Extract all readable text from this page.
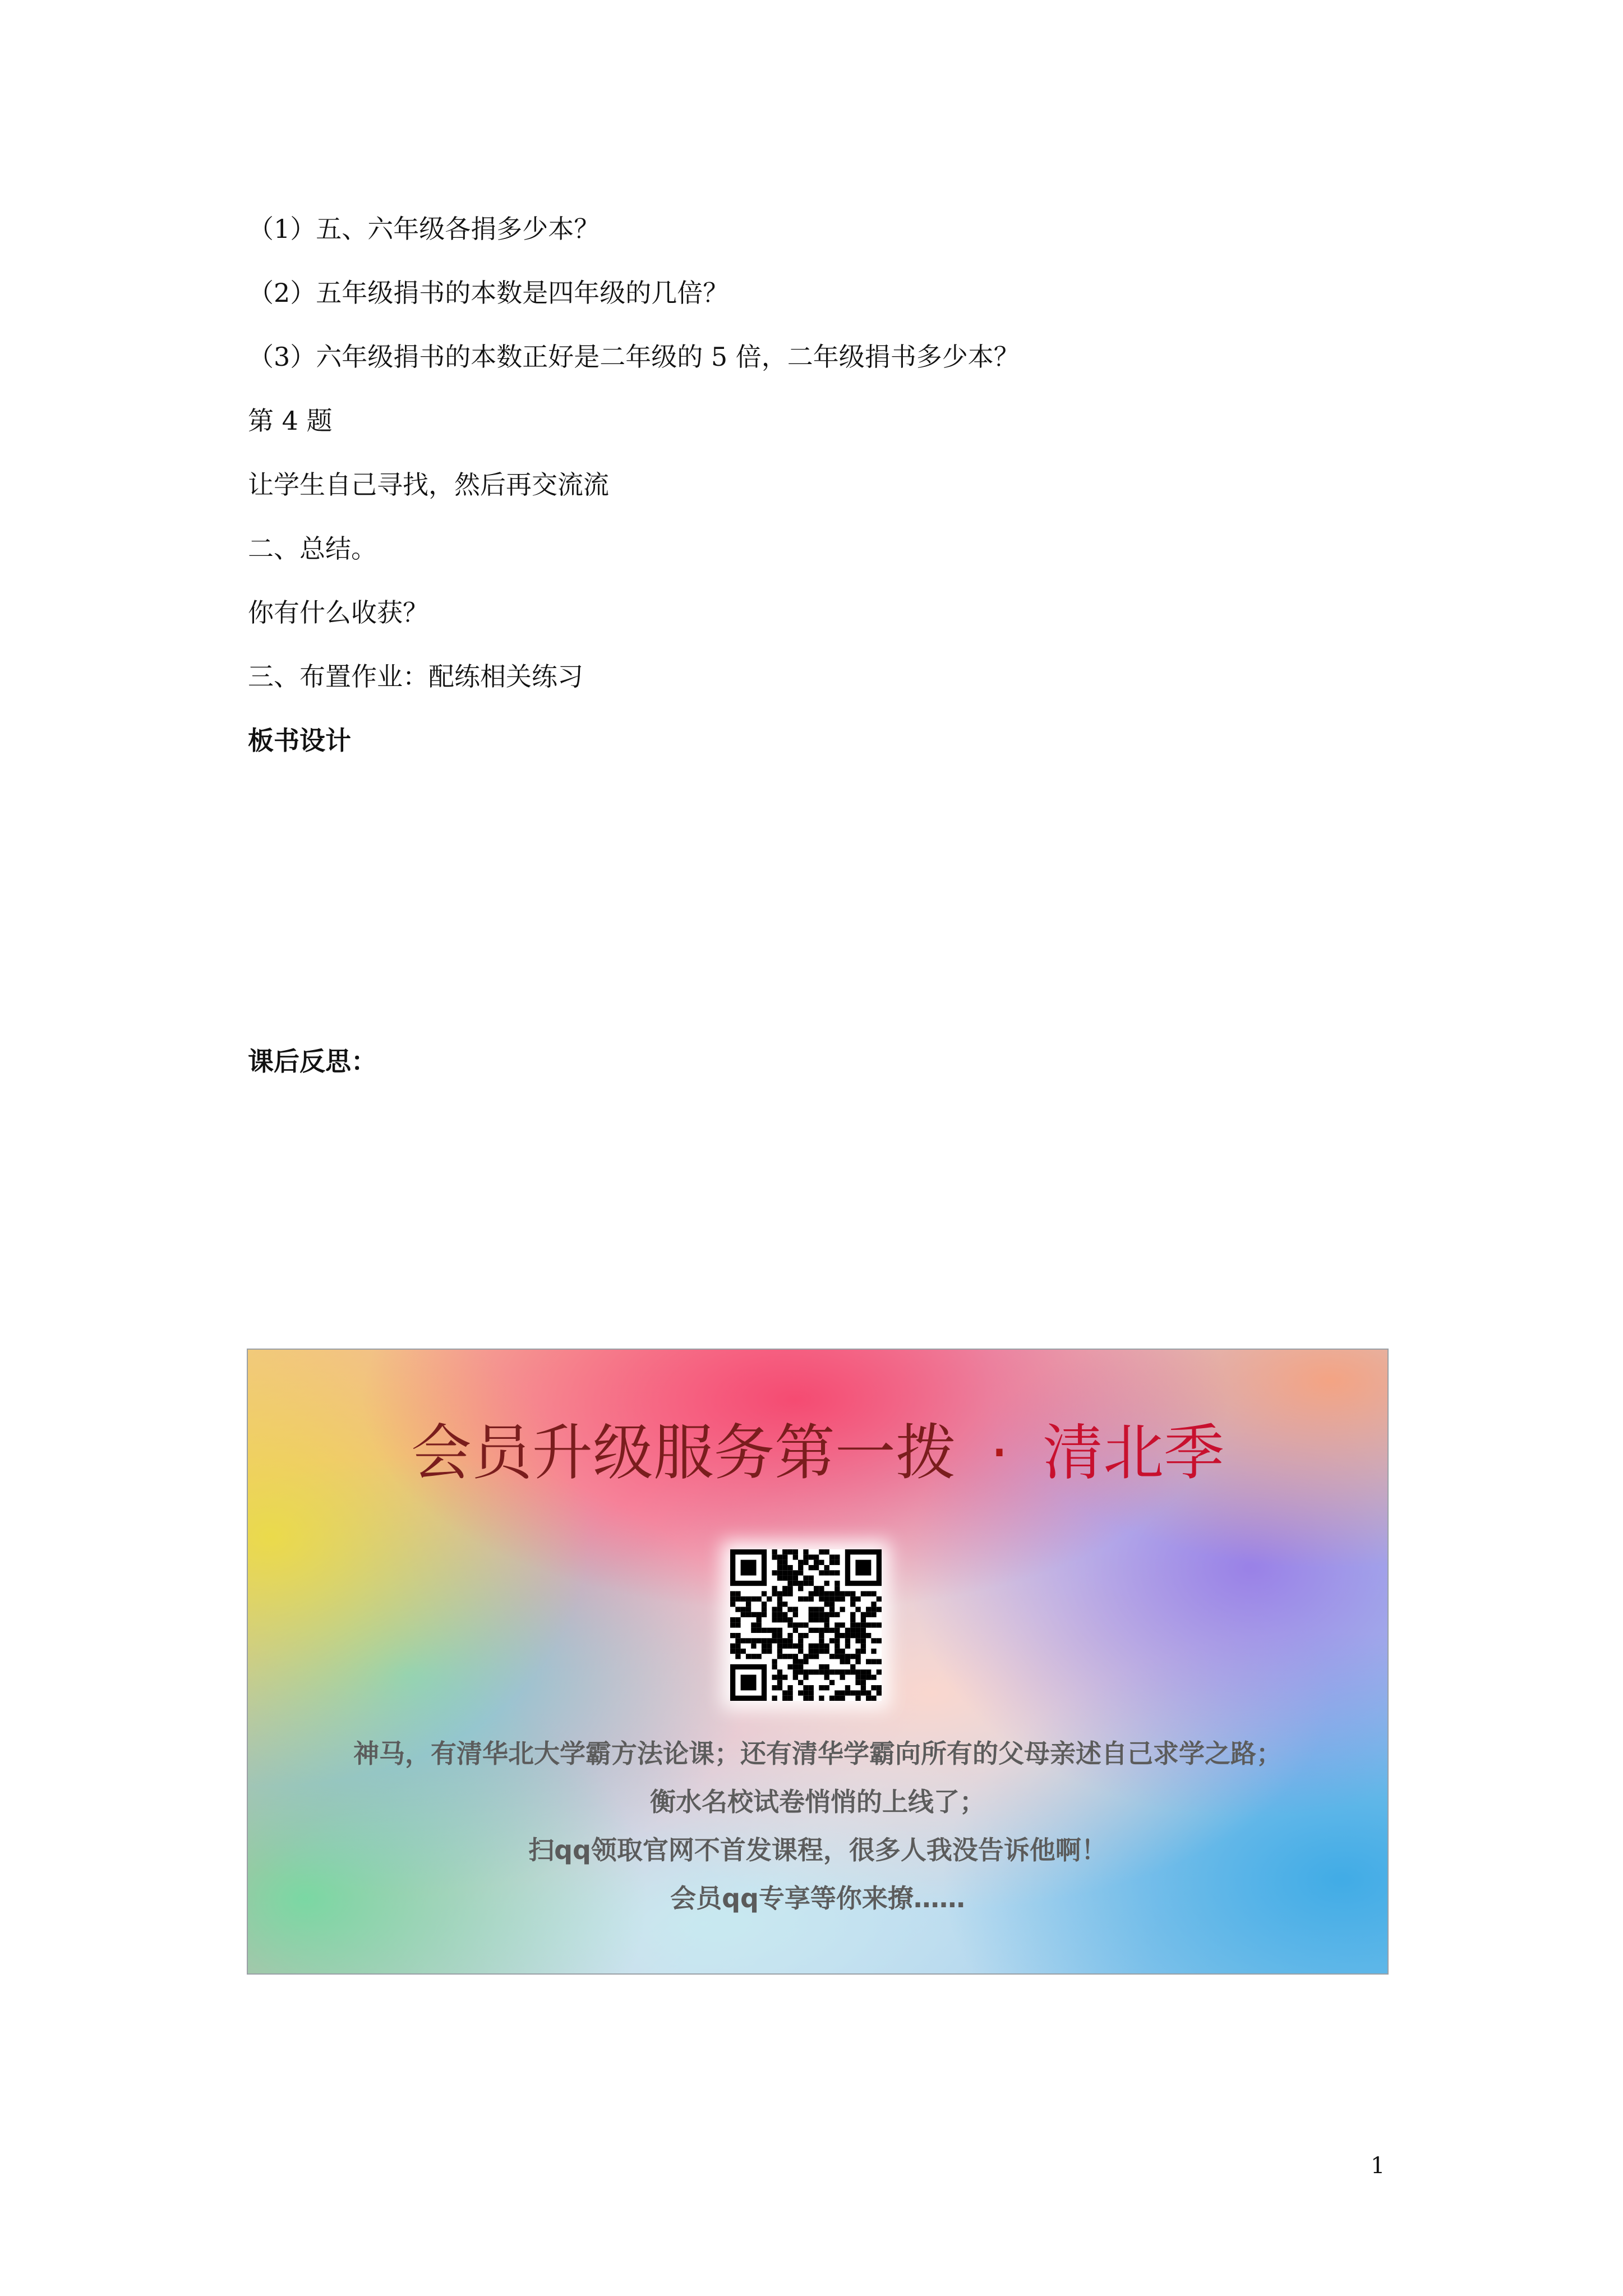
（1）五、六年级各捐多少本？
（2）五年级捐书的本数是四年级的几倍？
（3）六年级捐书的本数正好是二年级的 5 倍，二年级捐书多少本？
第 4 题
让学生自己寻找，然后再交流流
二、总结。
你有什么收获？
三、布置作业：配练相关练习
板书设计
课后反思：
会员升级服务第一拨 · 清北季
神马，有清华北大学霸方法论课；还有清华学霸向所有的父母亲述自己求学之路；
衡水名校试卷悄悄的上线了；
扫qq领取官网不首发课程，很多人我没告诉他啊！
会员qq专享等你来撩……
1
